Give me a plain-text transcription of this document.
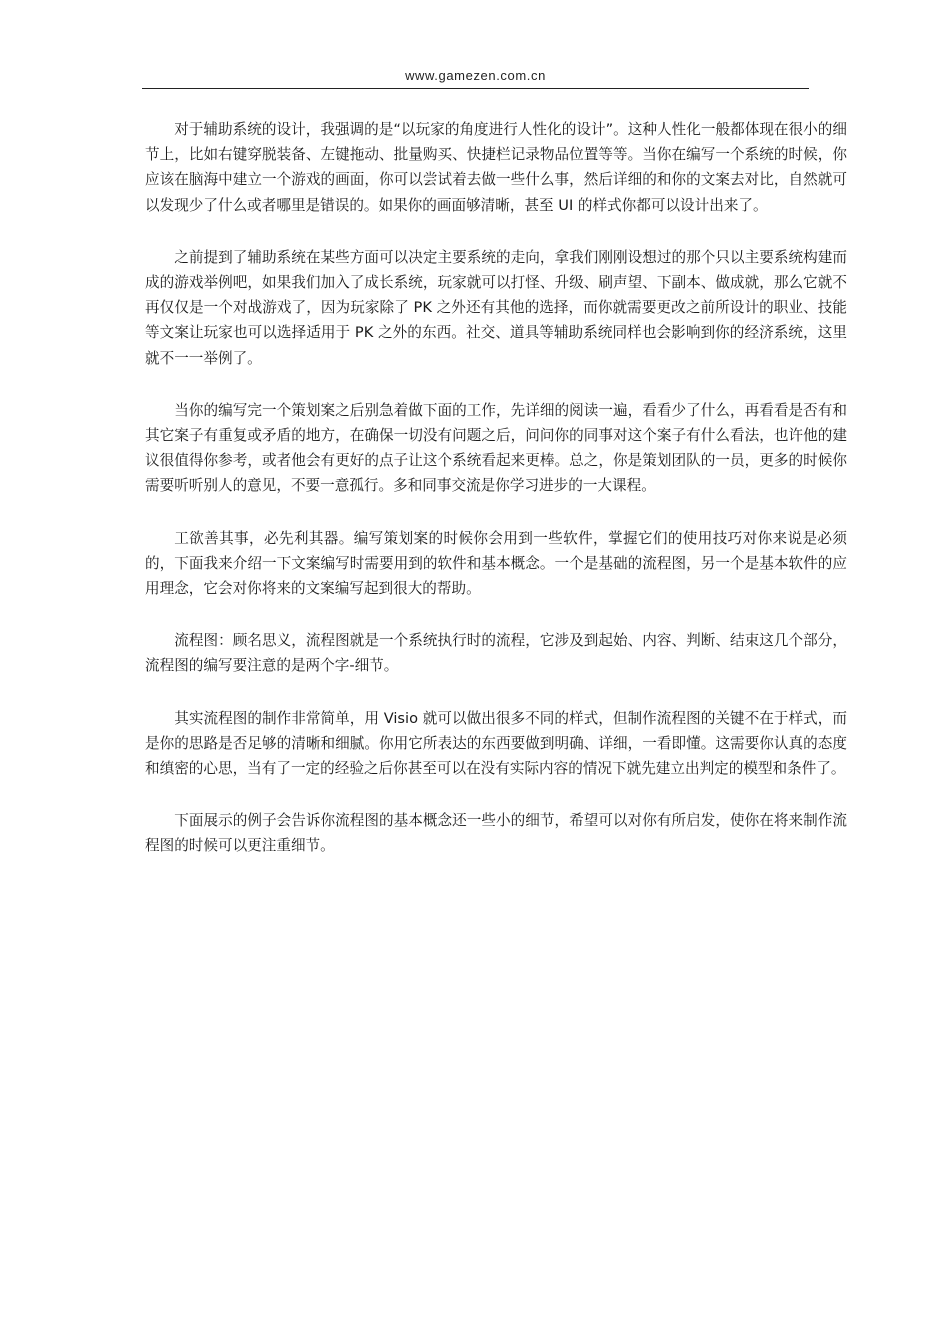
www.gamezen.com.cn

对于辅助系统的设计，我强调的是“以玩家的角度进行人性化的设计”。这种人性化一般都体现在很小的细节上，比如右键穿脱装备、左键拖动、批量购买、快捷栏记录物品位置等等。当你在编写一个系统的时候，你应该在脑海中建立一个游戏的画面，你可以尝试着去做一些什么事，然后详细的和你的文案去对比，自然就可以发现少了什么或者哪里是错误的。如果你的画面够清晰，甚至 UI 的样式你都可以设计出来了。

之前提到了辅助系统在某些方面可以决定主要系统的走向，拿我们刚刚设想过的那个只以主要系统构建而成的游戏举例吧，如果我们加入了成长系统，玩家就可以打怪、升级、刷声望、下副本、做成就，那么它就不再仅仅是一个对战游戏了，因为玩家除了 PK 之外还有其他的选择，而你就需要更改之前所设计的职业、技能等文案让玩家也可以选择适用于 PK 之外的东西。社交、道具等辅助系统同样也会影响到你的经济系统，这里就不一一举例了。

当你的编写完一个策划案之后别急着做下面的工作，先详细的阅读一遍，看看少了什么，再看看是否有和其它案子有重复或矛盾的地方，在确保一切没有问题之后，问问你的同事对这个案子有什么看法，也许他的建议很值得你参考，或者他会有更好的点子让这个系统看起来更棒。总之，你是策划团队的一员，更多的时候你需要听听别人的意见，不要一意孤行。多和同事交流是你学习进步的一大课程。

工欲善其事，必先利其器。编写策划案的时候你会用到一些软件，掌握它们的使用技巧对你来说是必须的，下面我来介绍一下文案编写时需要用到的软件和基本概念。一个是基础的流程图，另一个是基本软件的应用理念，它会对你将来的文案编写起到很大的帮助。

流程图：顾名思义，流程图就是一个系统执行时的流程，它涉及到起始、内容、判断、结束这几个部分，流程图的编写要注意的是两个字-细节。

其实流程图的制作非常简单，用 Visio 就可以做出很多不同的样式，但制作流程图的关键不在于样式，而是你的思路是否足够的清晰和细腻。你用它所表达的东西要做到明确、详细，一看即懂。这需要你认真的态度和缜密的心思，当有了一定的经验之后你甚至可以在没有实际内容的情况下就先建立出判定的模型和条件了。

下面展示的例子会告诉你流程图的基本概念还一些小的细节，希望可以对你有所启发，使你在将来制作流程图的时候可以更注重细节。
